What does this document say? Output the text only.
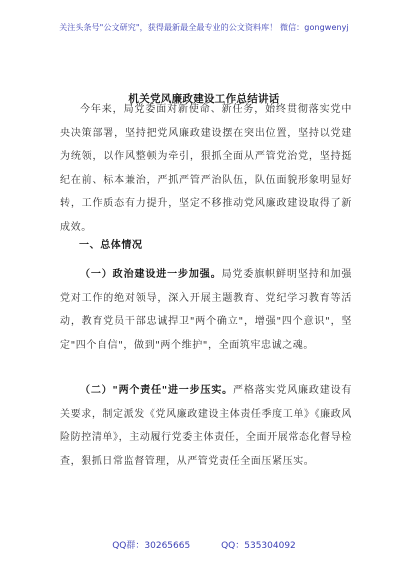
关注头条号"公文研究"，获得最新最全最专业的公文资料库！ 微信：gongwenyj
机关党风廉政建设工作总结讲话
今年来，局党委面对新使命、新任务，始终贯彻落实党中央决策部署，坚持把党风廉政建设摆在突出位置，坚持以党建为统领，以作风整顿为牵引，狠抓全面从严管党治党，坚持挺纪在前、标本兼治，严抓严管严治队伍，队伍面貌形象明显好转，工作质态有力提升，坚定不移推动党风廉政建设取得了新成效。
一、总体情况
（一）政治建设进一步加强。局党委旗帜鲜明坚持和加强党对工作的绝对领导，深入开展主题教育、党纪学习教育等活动，教育党员干部忠诚捍卫"两个确立"，增强"四个意识"，坚定"四个自信"，做到"两个维护"，全面筑牢忠诚之魂。
（二）"两个责任"进一步压实。严格落实党风廉政建设有关要求，制定派发《党风廉政建设主体责任季度工单》《廉政风险防控清单》，主动履行党委主体责任，全面开展常态化督导检查，狠抓日常监督管理，从严管党责任全面压紧压实。
QQ群：30265665	QQ：535304092
